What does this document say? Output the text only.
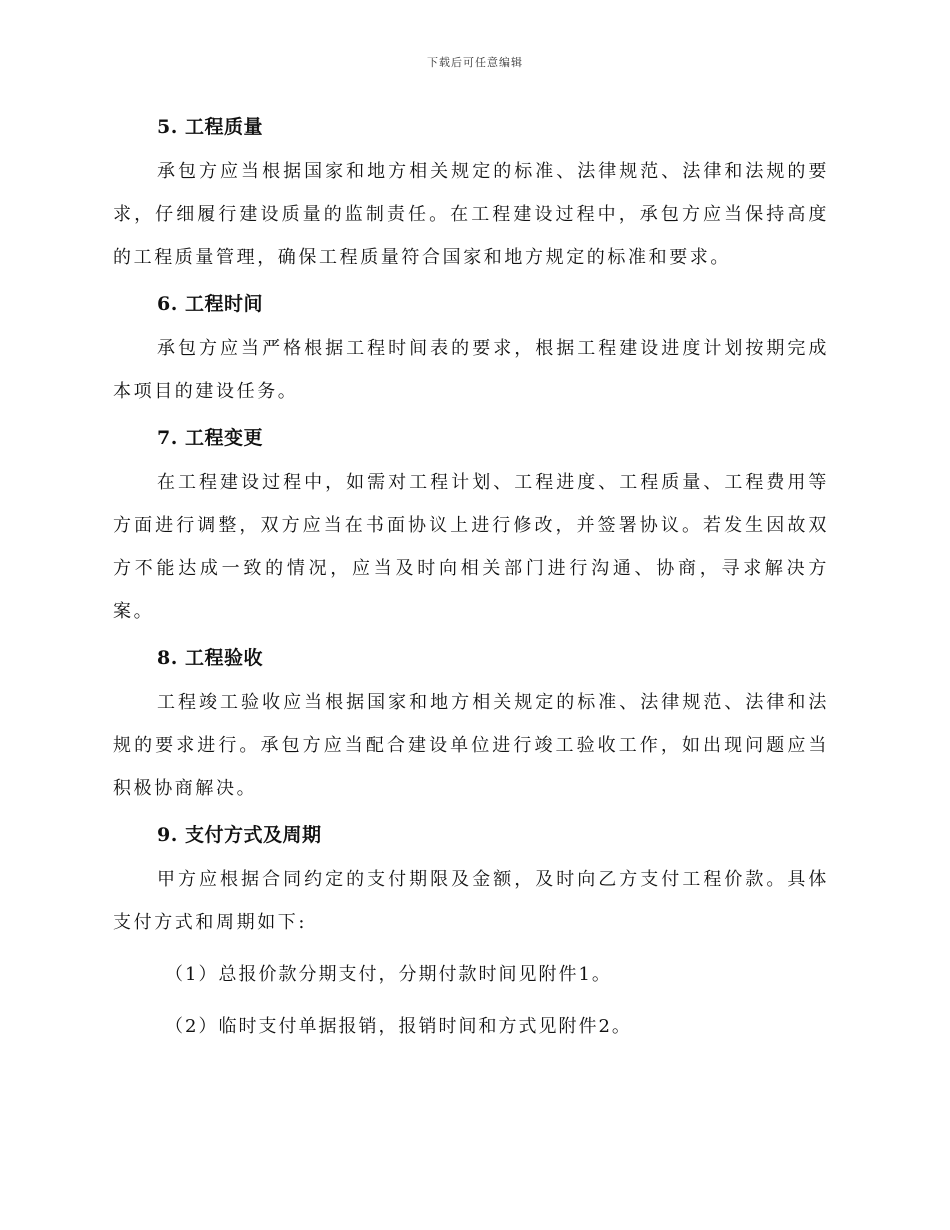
下载后可任意编辑
5. 工程质量

承包方应当根据国家和地方相关规定的标准、法律规范、法律和法规的要求，仔细履行建设质量的监制责任。在工程建设过程中，承包方应当保持高度的工程质量管理，确保工程质量符合国家和地方规定的标准和要求。

6. 工程时间

承包方应当严格根据工程时间表的要求，根据工程建设进度计划按期完成本项目的建设任务。

7. 工程变更

在工程建设过程中，如需对工程计划、工程进度、工程质量、工程费用等方面进行调整，双方应当在书面协议上进行修改，并签署协议。若发生因故双方不能达成一致的情况，应当及时向相关部门进行沟通、协商，寻求解决方案。

8. 工程验收

工程竣工验收应当根据国家和地方相关规定的标准、法律规范、法律和法规的要求进行。承包方应当配合建设单位进行竣工验收工作，如出现问题应当积极协商解决。

9. 支付方式及周期

甲方应根据合同约定的支付期限及金额，及时向乙方支付工程价款。具体支付方式和周期如下:

（1）总报价款分期支付，分期付款时间见附件1。

（2）临时支付单据报销，报销时间和方式见附件2。
